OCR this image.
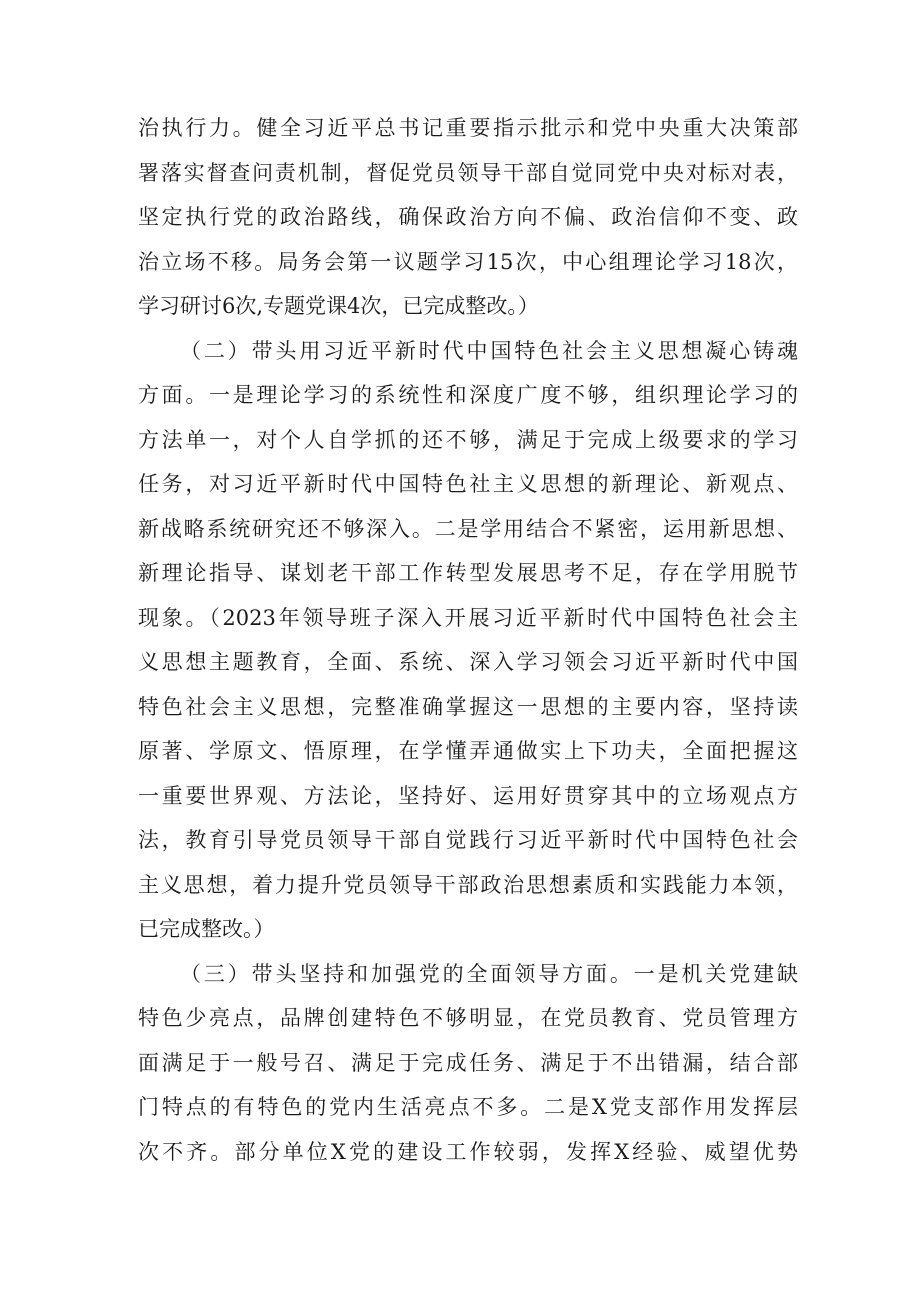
治执行力。健全习近平总书记重要指示批示和党中央重大决策部
署落实督查问责机制，督促党员领导干部自觉同党中央对标对表，
坚定执行党的政治路线，确保政治方向不偏、政治信仰不变、政
治立场不移。局务会第一议题学习15次，中心组理论学习18次，
学习研讨6次,专题党课4次，已完成整改。）
（二）带头用习近平新时代中国特色社会主义思想凝心铸魂
方面。一是理论学习的系统性和深度广度不够，组织理论学习的
方法单一，对个人自学抓的还不够，满足于完成上级要求的学习
任务，对习近平新时代中国特色社主义思想的新理论、新观点、
新战略系统研究还不够深入。二是学用结合不紧密，运用新思想、
新理论指导、谋划老干部工作转型发展思考不足，存在学用脱节
现象。（2023年领导班子深入开展习近平新时代中国特色社会主
义思想主题教育，全面、系统、深入学习领会习近平新时代中国
特色社会主义思想，完整准确掌握这一思想的主要内容，坚持读
原著、学原文、悟原理，在学懂弄通做实上下功夫，全面把握这
一重要世界观、方法论，坚持好、运用好贯穿其中的立场观点方
法，教育引导党员领导干部自觉践行习近平新时代中国特色社会
主义思想，着力提升党员领导干部政治思想素质和实践能力本领，
已完成整改。）
（三）带头坚持和加强党的全面领导方面。一是机关党建缺
特色少亮点，品牌创建特色不够明显，在党员教育、党员管理方
面满足于一般号召、满足于完成任务、满足于不出错漏，结合部
门特点的有特色的党内生活亮点不多。二是X党支部作用发挥层
次不齐。部分单位X党的建设工作较弱，发挥X经验、威望优势
